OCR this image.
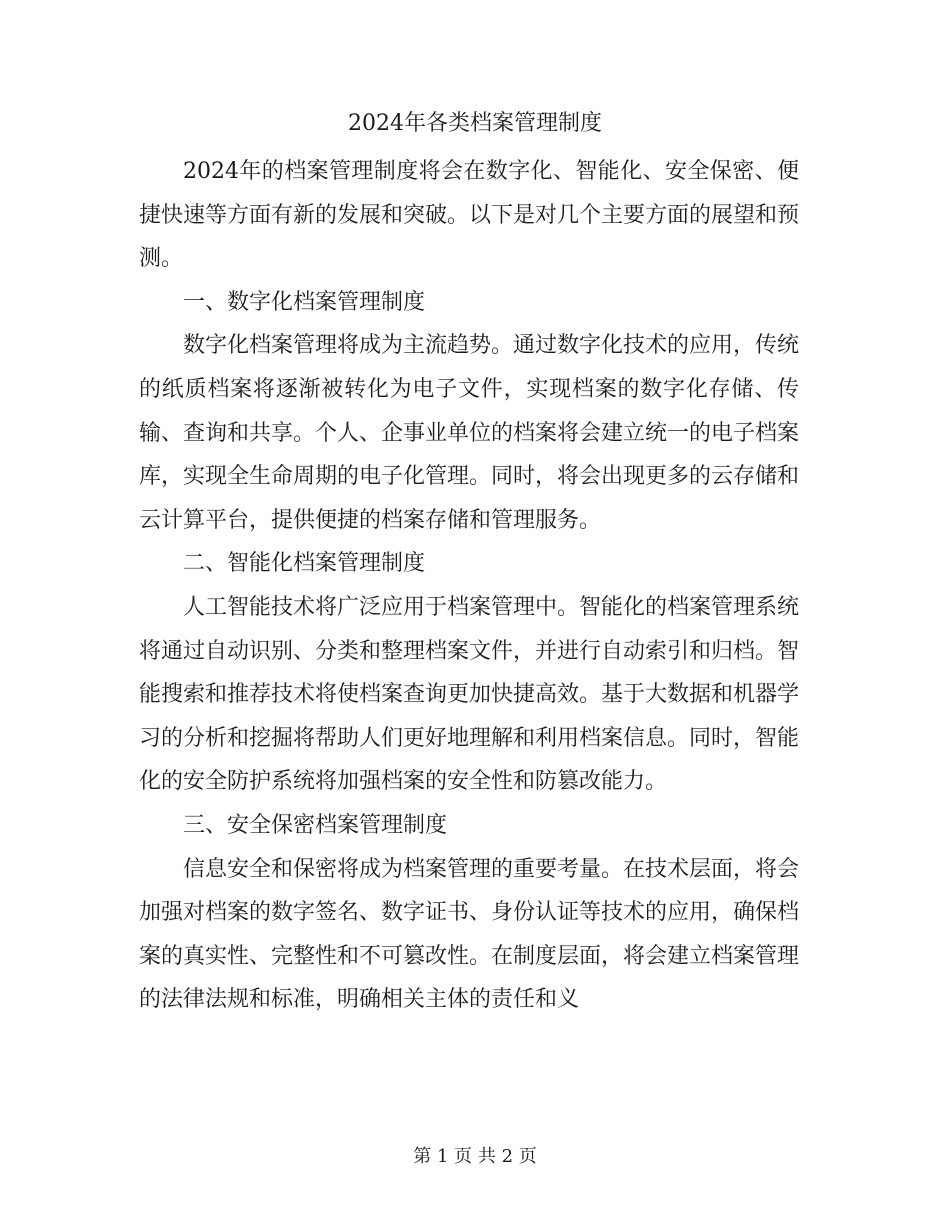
2024年各类档案管理制度

2024年的档案管理制度将会在数字化、智能化、安全保密、便捷快速等方面有新的发展和突破。以下是对几个主要方面的展望和预测。

一、数字化档案管理制度

数字化档案管理将成为主流趋势。通过数字化技术的应用，传统的纸质档案将逐渐被转化为电子文件，实现档案的数字化存储、传输、查询和共享。个人、企事业单位的档案将会建立统一的电子档案库，实现全生命周期的电子化管理。同时，将会出现更多的云存储和云计算平台，提供便捷的档案存储和管理服务。

二、智能化档案管理制度

人工智能技术将广泛应用于档案管理中。智能化的档案管理系统将通过自动识别、分类和整理档案文件，并进行自动索引和归档。智能搜索和推荐技术将使档案查询更加快捷高效。基于大数据和机器学习的分析和挖掘将帮助人们更好地理解和利用档案信息。同时，智能化的安全防护系统将加强档案的安全性和防篡改能力。

三、安全保密档案管理制度

信息安全和保密将成为档案管理的重要考量。在技术层面，将会加强对档案的数字签名、数字证书、身份认证等技术的应用，确保档案的真实性、完整性和不可篡改性。在制度层面，将会建立档案管理的法律法规和标准，明确相关主体的责任和义

第 1 页 共 2 页
